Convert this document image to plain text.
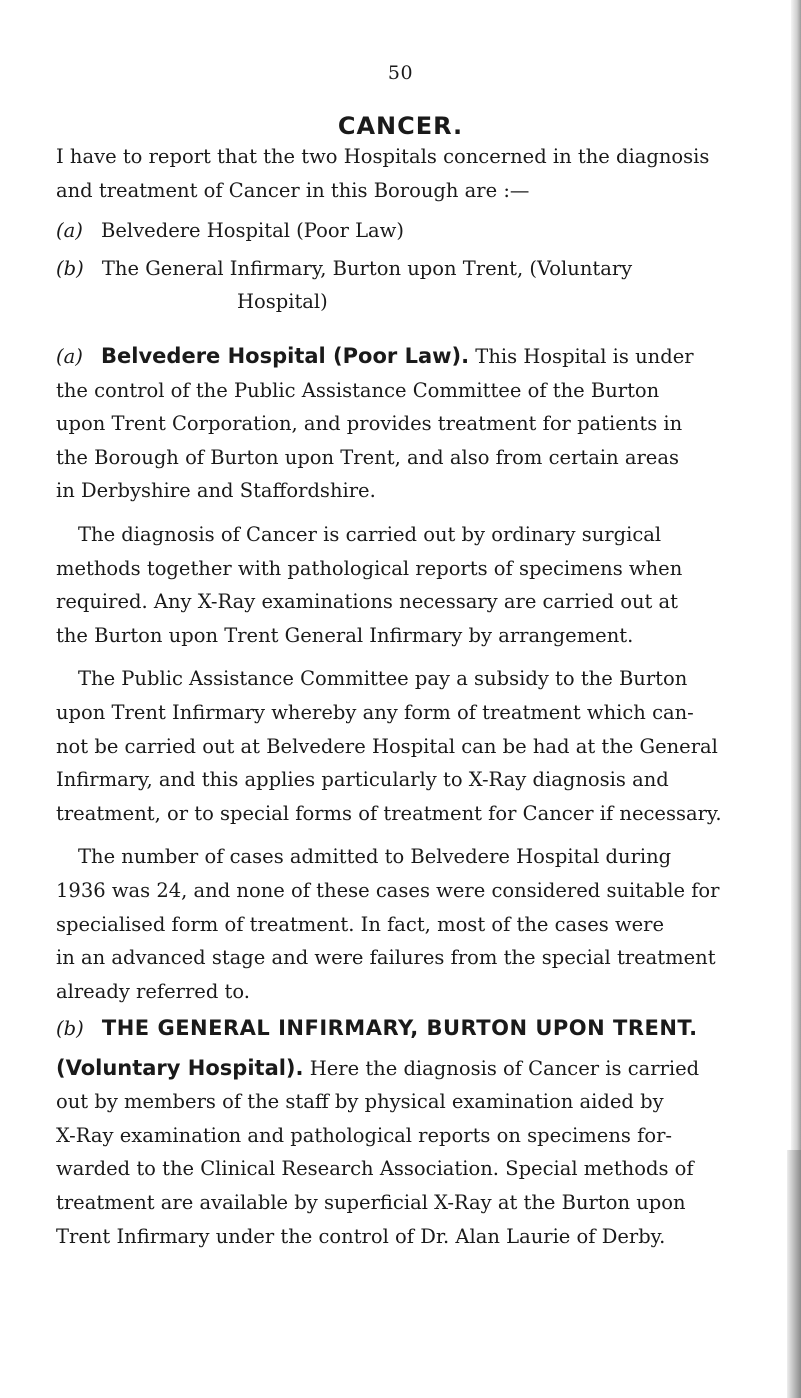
50
CANCER.
I have to report that the two Hospitals concerned in the diagnosis
and treatment of Cancer in this Borough are :—
(a) Belvedere Hospital (Poor Law)
(b) The General Infirmary, Burton upon Trent, (Voluntary
Hospital)
(a) Belvedere Hospital (Poor Law). This Hospital is under
the control of the Public Assistance Committee of the Burton
upon Trent Corporation, and provides treatment for patients in
the Borough of Burton upon Trent, and also from certain areas
in Derbyshire and Staffordshire.
The diagnosis of Cancer is carried out by ordinary surgical
methods together with pathological reports of specimens when
required. Any X-Ray examinations necessary are carried out at
the Burton upon Trent General Infirmary by arrangement.
The Public Assistance Committee pay a subsidy to the Burton
upon Trent Infirmary whereby any form of treatment which can-
not be carried out at Belvedere Hospital can be had at the General
Infirmary, and this applies particularly to X-Ray diagnosis and
treatment, or to special forms of treatment for Cancer if necessary.
The number of cases admitted to Belvedere Hospital during
1936 was 24, and none of these cases were considered suitable for
specialised form of treatment. In fact, most of the cases were
in an advanced stage and were failures from the special treatment
already referred to.
(b) THE GENERAL INFIRMARY, BURTON UPON TRENT.
(Voluntary Hospital). Here the diagnosis of Cancer is carried
out by members of the staff by physical examination aided by
X-Ray examination and pathological reports on specimens for-
warded to the Clinical Research Association. Special methods of
treatment are available by superficial X-Ray at the Burton upon
Trent Infirmary under the control of Dr. Alan Laurie of Derby.
